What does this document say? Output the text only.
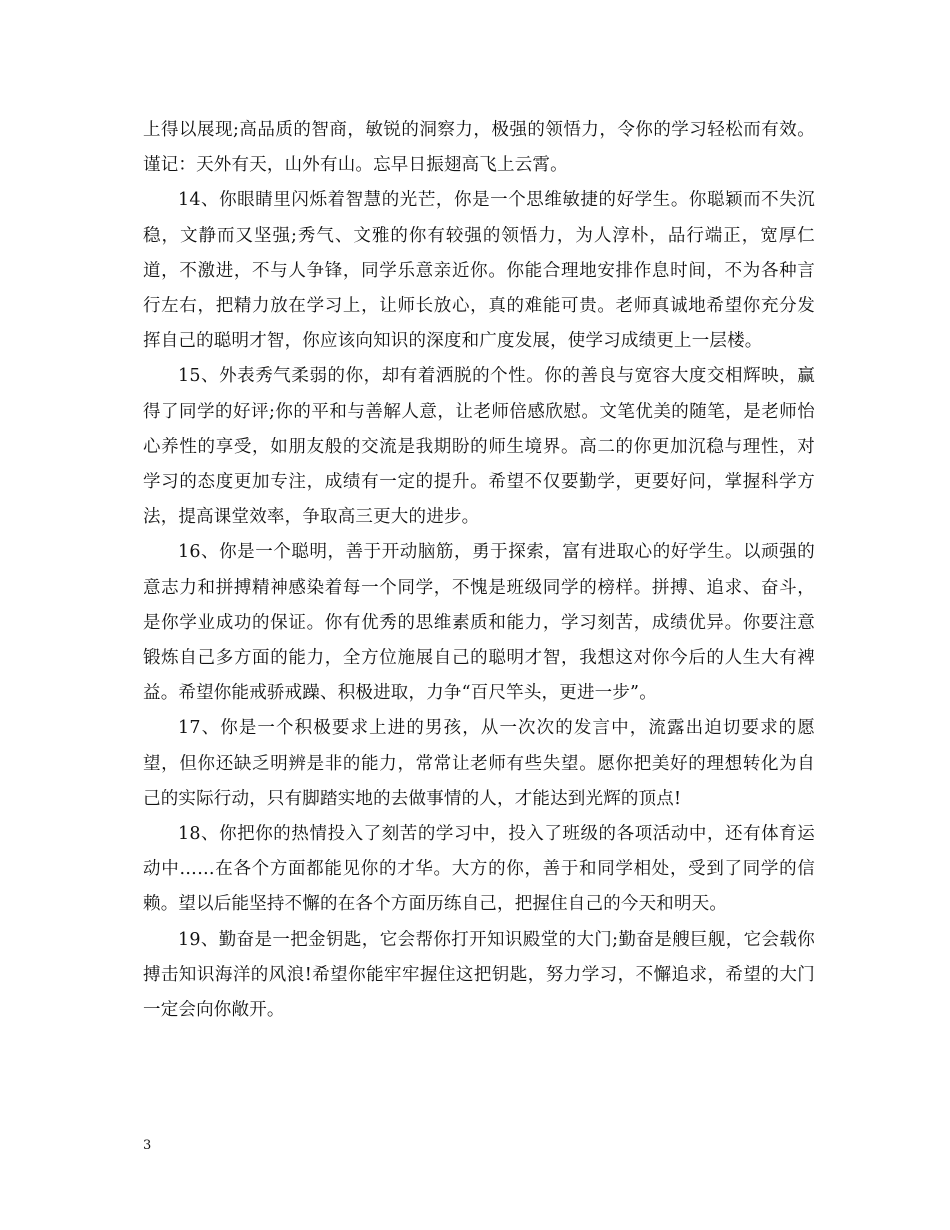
上得以展现;高品质的智商，敏锐的洞察力，极强的领悟力，令你的学习轻松而有效。谨记：天外有天，山外有山。忘早日振翅高飞上云霄。

14、你眼睛里闪烁着智慧的光芒，你是一个思维敏捷的好学生。你聪颖而不失沉稳，文静而又坚强;秀气、文雅的你有较强的领悟力，为人淳朴，品行端正，宽厚仁道，不激进，不与人争锋，同学乐意亲近你。你能合理地安排作息时间，不为各种言行左右，把精力放在学习上，让师长放心，真的难能可贵。老师真诚地希望你充分发挥自己的聪明才智，你应该向知识的深度和广度发展，使学习成绩更上一层楼。

15、外表秀气柔弱的你，却有着洒脱的个性。你的善良与宽容大度交相辉映，赢得了同学的好评;你的平和与善解人意，让老师倍感欣慰。文笔优美的随笔，是老师怡心养性的享受，如朋友般的交流是我期盼的师生境界。高二的你更加沉稳与理性，对学习的态度更加专注，成绩有一定的提升。希望不仅要勤学，更要好问，掌握科学方法，提高课堂效率，争取高三更大的进步。

16、你是一个聪明，善于开动脑筋，勇于探索，富有进取心的好学生。以顽强的意志力和拼搏精神感染着每一个同学，不愧是班级同学的榜样。拼搏、追求、奋斗，是你学业成功的保证。你有优秀的思维素质和能力，学习刻苦，成绩优异。你要注意锻炼自己多方面的能力，全方位施展自己的聪明才智，我想这对你今后的人生大有裨益。希望你能戒骄戒躁、积极进取，力争“百尺竿头，更进一步”。

17、你是一个积极要求上进的男孩，从一次次的发言中，流露出迫切要求的愿望，但你还缺乏明辨是非的能力，常常让老师有些失望。愿你把美好的理想转化为自己的实际行动，只有脚踏实地的去做事情的人，才能达到光辉的顶点!

18、你把你的热情投入了刻苦的学习中，投入了班级的各项活动中，还有体育运动中……在各个方面都能见你的才华。大方的你，善于和同学相处，受到了同学的信赖。望以后能坚持不懈的在各个方面历练自己，把握住自己的今天和明天。

19、勤奋是一把金钥匙，它会帮你打开知识殿堂的大门;勤奋是艘巨舰，它会载你搏击知识海洋的风浪!希望你能牢牢握住这把钥匙，努力学习，不懈追求，希望的大门一定会向你敞开。

3
